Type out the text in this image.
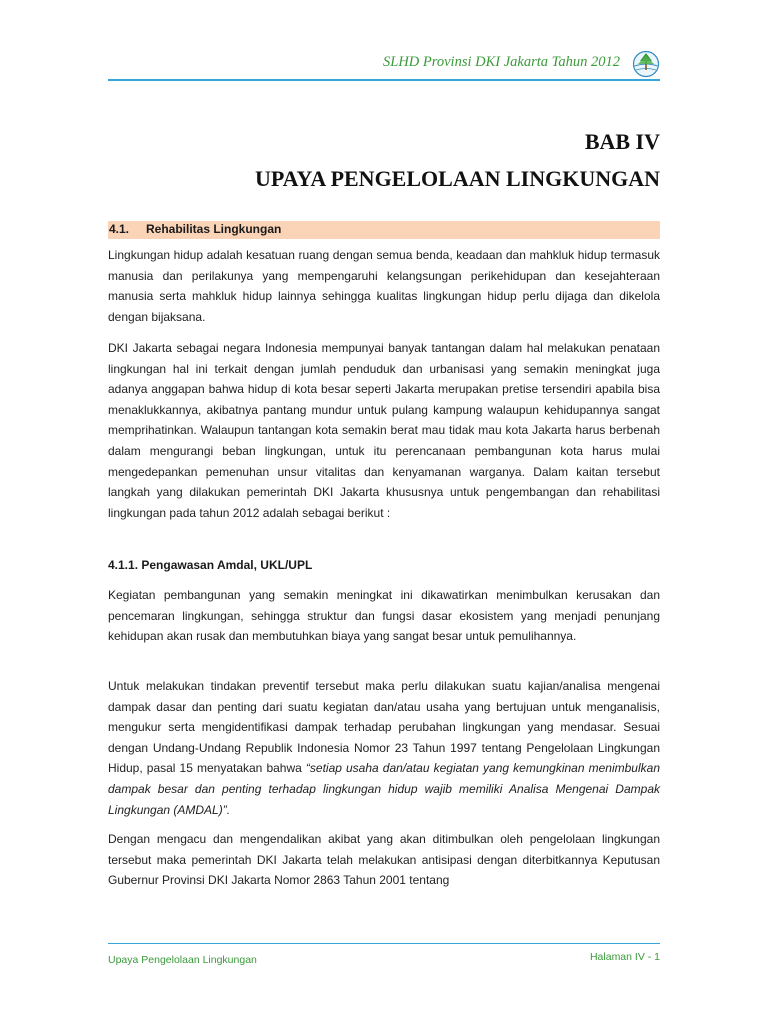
SLHD Provinsi DKI Jakarta Tahun 2012
BAB IV
UPAYA PENGELOLAAN LINGKUNGAN
4.1. Rehabilitas Lingkungan

Lingkungan hidup adalah kesatuan ruang dengan semua benda, keadaan dan mahkluk hidup termasuk manusia dan perilakunya yang mempengaruhi kelangsungan perikehidupan dan kesejahteraan manusia serta mahkluk hidup lainnya sehingga kualitas lingkungan hidup perlu dijaga dan dikelola dengan bijaksana.

DKI Jakarta sebagai negara Indonesia mempunyai banyak tantangan dalam hal melakukan penataan lingkungan hal ini terkait dengan jumlah penduduk dan urbanisasi yang semakin meningkat juga adanya anggapan bahwa hidup di kota besar seperti Jakarta merupakan pretise tersendiri apabila bisa menaklukkannya, akibatnya pantang mundur untuk pulang kampung walaupun kehidupannya sangat memprihatinkan. Walaupun tantangan kota semakin berat mau tidak mau kota Jakarta harus berbenah dalam mengurangi beban lingkungan, untuk itu perencanaan pembangunan kota harus mulai mengedepankan pemenuhan unsur vitalitas dan kenyamanan warganya. Dalam kaitan tersebut langkah yang dilakukan pemerintah DKI Jakarta khususnya untuk pengembangan dan rehabilitasi lingkungan pada tahun 2012 adalah sebagai berikut :

4.1.1. Pengawasan Amdal, UKL/UPL

Kegiatan pembangunan yang semakin meningkat ini dikawatirkan menimbulkan kerusakan dan pencemaran lingkungan, sehingga struktur dan fungsi dasar ekosistem yang menjadi penunjang kehidupan akan rusak dan membutuhkan biaya yang sangat besar untuk pemulihannya.

Untuk melakukan tindakan preventif tersebut maka perlu dilakukan suatu kajian/analisa mengenai dampak dasar dan penting dari suatu kegiatan dan/atau usaha yang bertujuan untuk menganalisis, mengukur serta mengidentifikasi dampak terhadap perubahan lingkungan yang mendasar. Sesuai dengan Undang-Undang Republik Indonesia Nomor 23 Tahun 1997 tentang Pengelolaan Lingkungan Hidup, pasal 15 menyatakan bahwa “setiap usaha dan/atau kegiatan yang kemungkinan menimbulkan dampak besar dan penting terhadap lingkungan hidup wajib memiliki Analisa Mengenai Dampak Lingkungan (AMDAL)”.

Dengan mengacu dan mengendalikan akibat yang akan ditimbulkan oleh pengelolaan lingkungan tersebut maka pemerintah DKI Jakarta telah melakukan antisipasi dengan diterbitkannya Keputusan Gubernur Provinsi DKI Jakarta Nomor 2863 Tahun 2001 tentang

Upaya Pengelolaan Lingkungan	Halaman IV - 1
